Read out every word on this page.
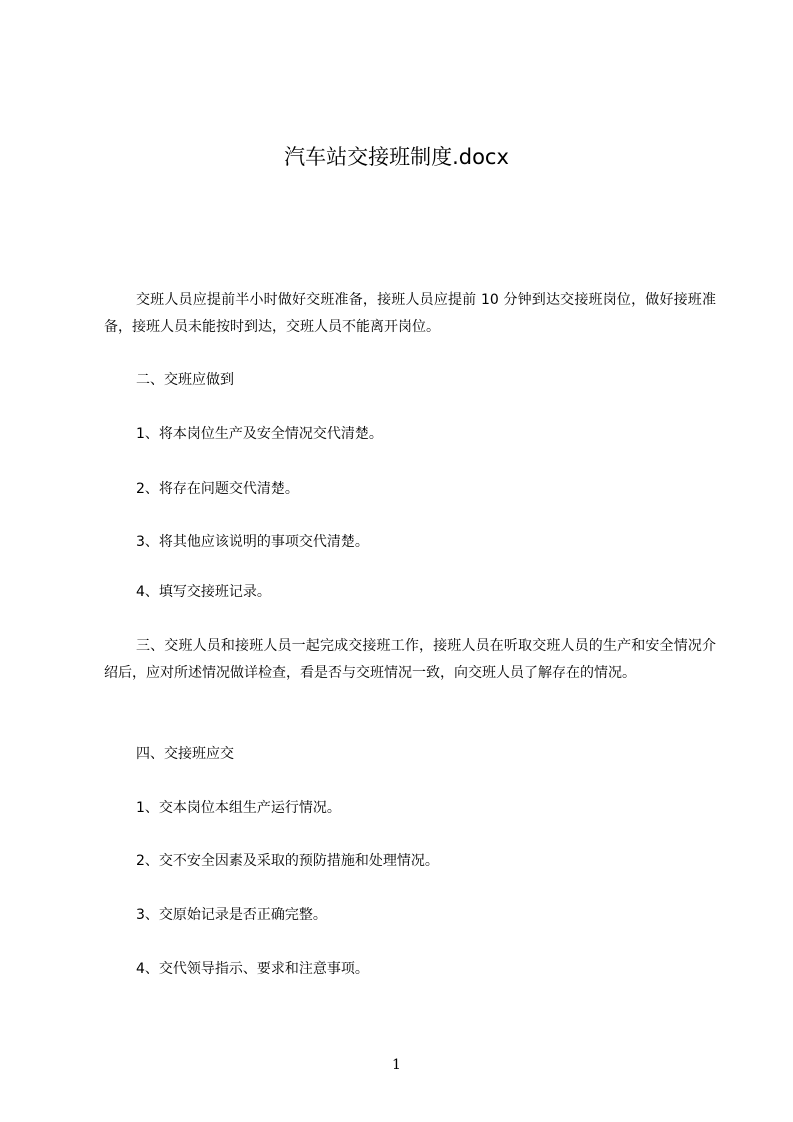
汽车站交接班制度.docx
交班人员应提前半小时做好交班准备，接班人员应提前 10 分钟到达交接班岗位，做好接班准备，接班人员未能按时到达，交班人员不能离开岗位。
二、交班应做到
1、将本岗位生产及安全情况交代清楚。
2、将存在问题交代清楚。
3、将其他应该说明的事项交代清楚。
4、填写交接班记录。
三、交班人员和接班人员一起完成交接班工作，接班人员在听取交班人员的生产和安全情况介绍后，应对所述情况做详检查，看是否与交班情况一致，向交班人员了解存在的情况。
四、交接班应交
1、交本岗位本组生产运行情况。
2、交不安全因素及采取的预防措施和处理情况。
3、交原始记录是否正确完整。
4、交代领导指示、要求和注意事项。
1
